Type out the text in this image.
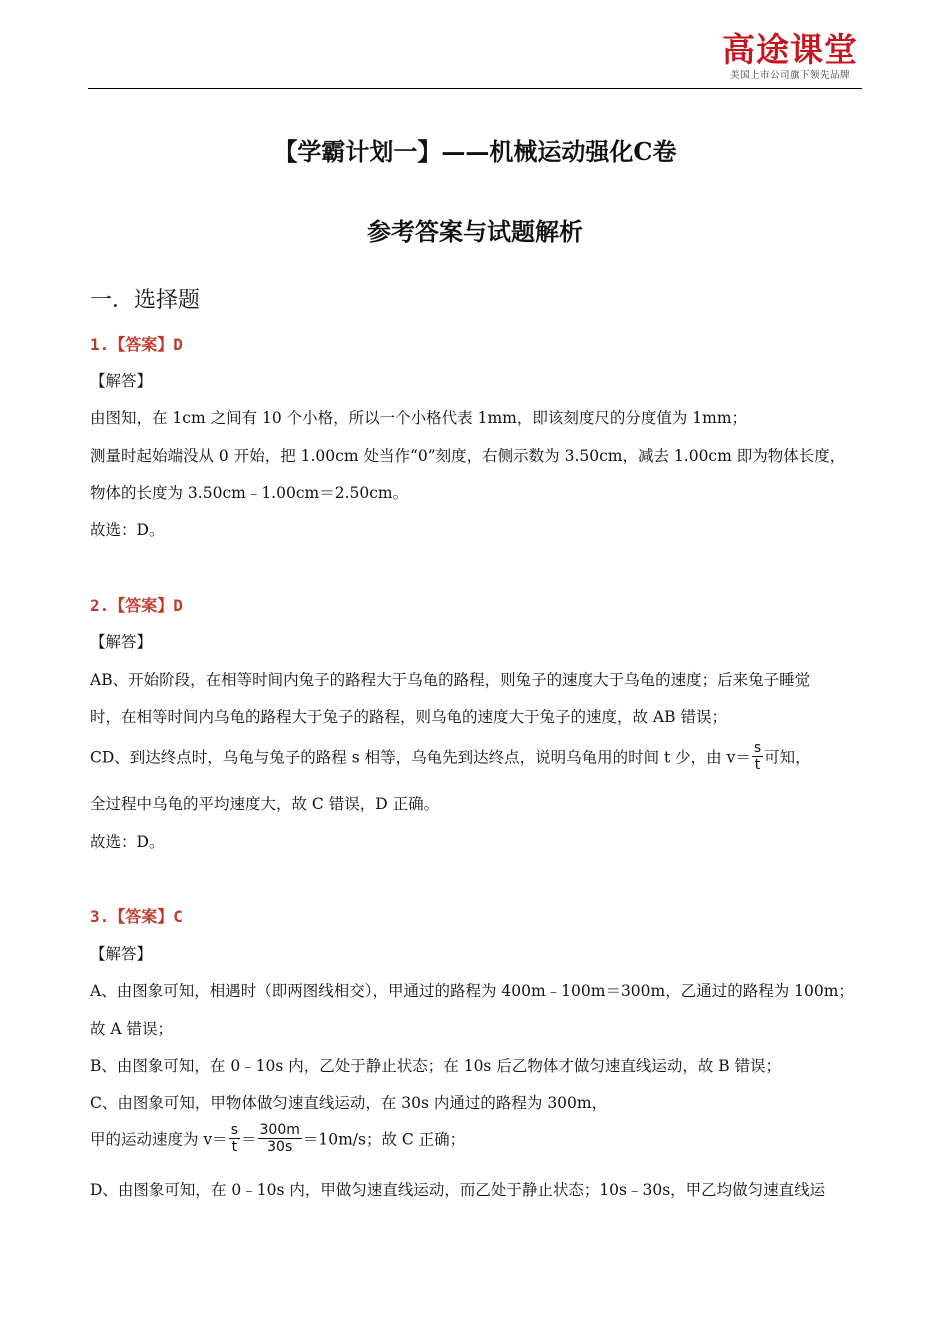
高途课堂
美国上市公司旗下领先品牌
【学霸计划一】——机械运动强化C卷
参考答案与试题解析
一．选择题
1.【答案】D
【解答】
由图知，在 1cm 之间有 10 个小格，所以一个小格代表 1mm，即该刻度尺的分度值为 1mm；
测量时起始端没从 0 开始，把 1.00cm 处当作“0”刻度，右侧示数为 3.50cm，减去 1.00cm 即为物体长度，
物体的长度为 3.50cm﹣1.00cm＝2.50cm。
故选：D。
2.【答案】D
【解答】
AB、开始阶段，在相等时间内兔子的路程大于乌龟的路程，则兔子的速度大于乌龟的速度；后来兔子睡觉
时，在相等时间内乌龟的路程大于兔子的路程，则乌龟的速度大于兔子的速度，故 AB 错误；
CD、到达终点时，乌龟与兔子的路程 s 相等，乌龟先到达终点，说明乌龟用的时间 t 少，由 $v= \frac{s}{t}$ 可知，
全过程中乌龟的平均速度大，故 C 错误，D 正确。
故选：D。
3.【答案】C
【解答】
A、由图象可知，相遇时（即两图线相交），甲通过的路程为 400m﹣100m＝300m，乙通过的路程为 100m；
故 A 错误；
B、由图象可知，在 0﹣10s 内，乙处于静止状态；在 10s 后乙物体才做匀速直线运动，故 B 错误；
C、由图象可知，甲物体做匀速直线运动，在 30s 内通过的路程为 300m，
甲的运动速度为 $v= \frac{s}{t} = \frac{300m}{30s} =10m/s$；故 C 正确；
D、由图象可知，在 0﹣10s 内，甲做匀速直线运动，而乙处于静止状态；10s﹣30s，甲乙均做匀速直线运
